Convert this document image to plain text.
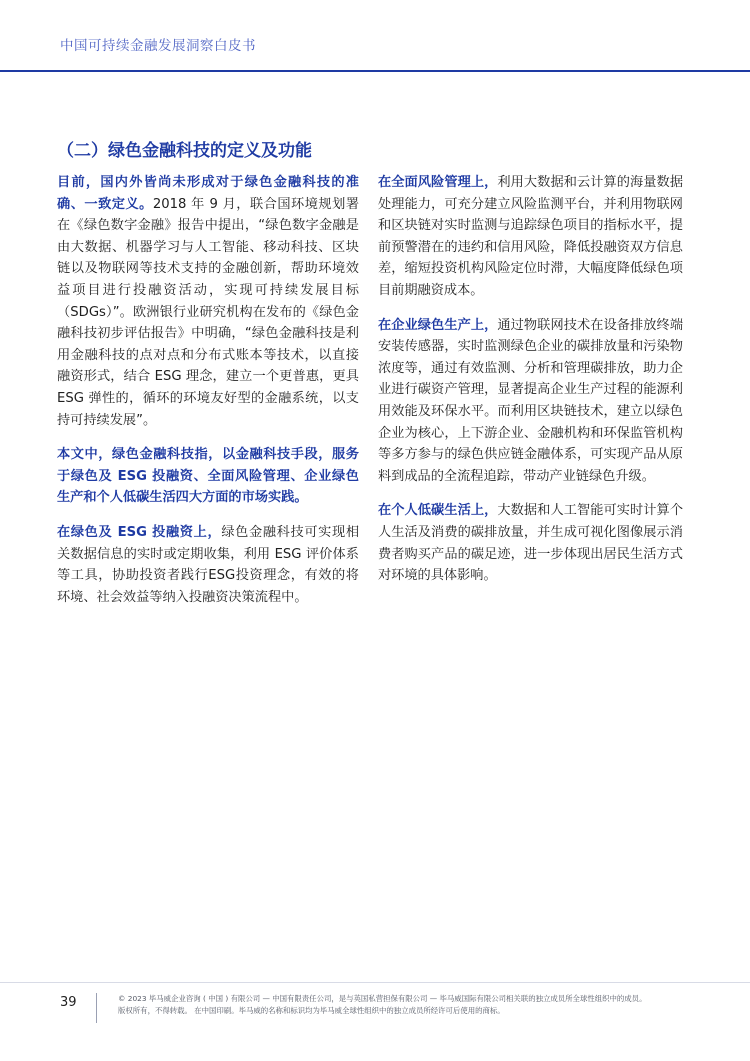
中国可持续金融发展洞察白皮书
（二）绿色金融科技的定义及功能

目前，国内外皆尚未形成对于绿色金融科技的准确、一致定义。2018 年 9 月，联合国环境规划署在《绿色数字金融》报告中提出，“绿色数字金融是由大数据、机器学习与人工智能、移动科技、区块链以及物联网等技术支持的金融创新，帮助环境效益项目进行投融资活动，实现可持续发展目标（SDGs）”。欧洲银行业研究机构在发布的《绿色金融科技初步评估报告》中明确，“绿色金融科技是利用金融科技的点对点和分布式账本等技术，以直接融资形式，结合 ESG 理念，建立一个更普惠，更具 ESG 弹性的，循环的环境友好型的金融系统，以支持可持续发展”。

本文中，绿色金融科技指，以金融科技手段，服务于绿色及 ESG 投融资、全面风险管理、企业绿色生产和个人低碳生活四大方面的市场实践。

在绿色及 ESG 投融资上，绿色金融科技可实现相关数据信息的实时或定期收集，利用 ESG 评价体系等工具，协助投资者践行ESG投资理念，有效的将环境、社会效益等纳入投融资决策流程中。

在全面风险管理上，利用大数据和云计算的海量数据处理能力，可充分建立风险监测平台，并利用物联网和区块链对实时监测与追踪绿色项目的指标水平，提前预警潜在的违约和信用风险，降低投融资双方信息差，缩短投资机构风险定位时滞，大幅度降低绿色项目前期融资成本。

在企业绿色生产上，通过物联网技术在设备排放终端安装传感器，实时监测绿色企业的碳排放量和污染物浓度等，通过有效监测、分析和管理碳排放，助力企业进行碳资产管理，显著提高企业生产过程的能源利用效能及环保水平。而利用区块链技术，建立以绿色企业为核心，上下游企业、金融机构和环保监管机构等多方参与的绿色供应链金融体系，可实现产品从原料到成品的全流程追踪，带动产业链绿色升级。

在个人低碳生活上，大数据和人工智能可实时计算个人生活及消费的碳排放量，并生成可视化图像展示消费者购买产品的碳足迹，进一步体现出居民生活方式对环境的具体影响。

39	© 2023 毕马威企业咨询 ( 中国 ) 有限公司 — 中国有限责任公司，是与英国私营担保有限公司 — 毕马威国际有限公司相关联的独立成员所全球性组织中的成员。
版权所有，不得转载。 在中国印刷。毕马威的名称和标识均为毕马威全球性组织中的独立成员所经许可后使用的商标。
